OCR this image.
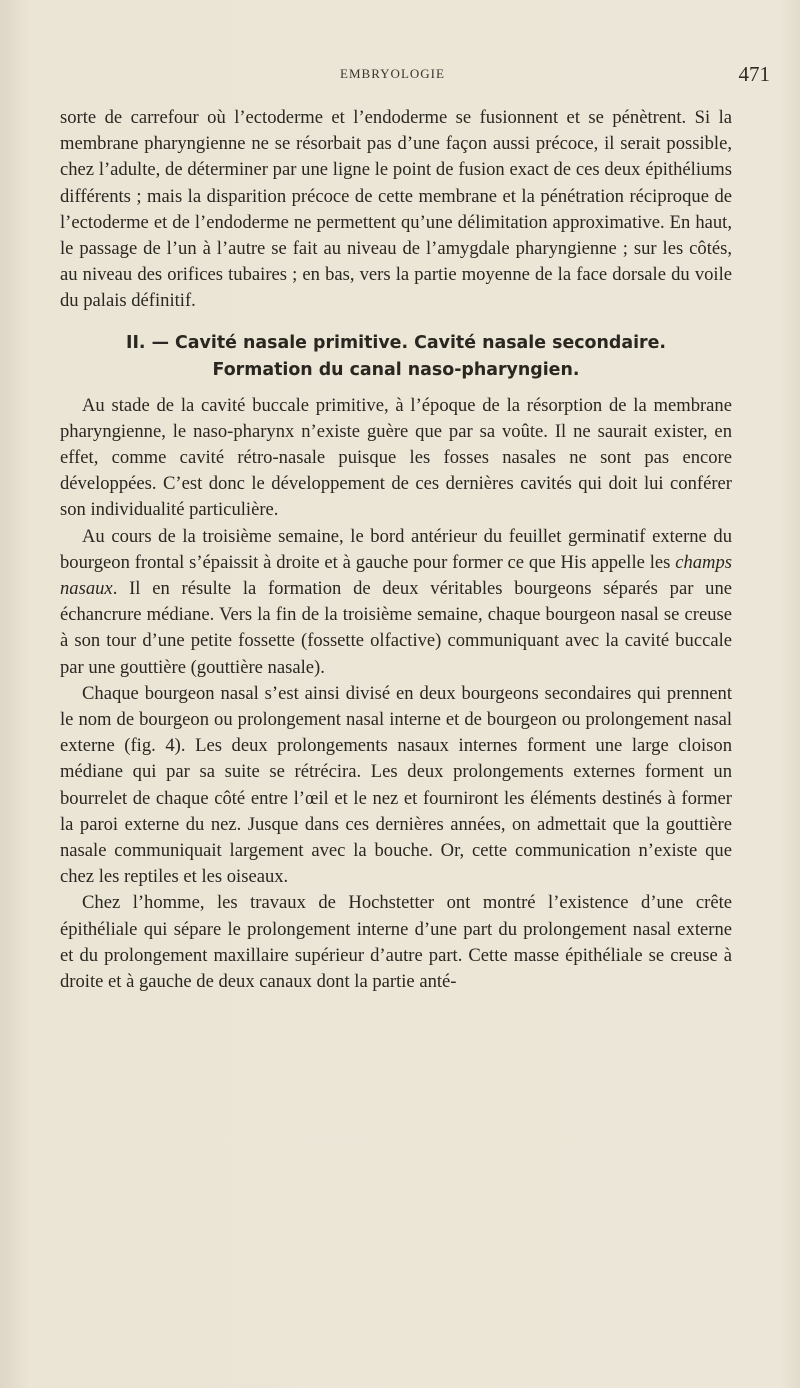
EMBRYOLOGIE	471

sorte de carrefour où l’ectoderme et l’endoderme se fusionnent et se pénètrent. Si la membrane pharyngienne ne se résorbait pas d’une façon aussi précoce, il serait possible, chez l’adulte, de déterminer par une ligne le point de fusion exact de ces deux épithéliums différents ; mais la disparition précoce de cette membrane et la pénétration réciproque de l’ectoderme et de l’endoderme ne permettent qu’une délimitation approximative. En haut, le passage de l’un à l’autre se fait au niveau de l’amygdale pharyngienne ; sur les côtés, au niveau des orifices tubaires ; en bas, vers la partie moyenne de la face dorsale du voile du palais définitif.

II. — Cavité nasale primitive. Cavité nasale secondaire.
Formation du canal naso-pharyngien.

Au stade de la cavité buccale primitive, à l’époque de la résorption de la membrane pharyngienne, le naso-pharynx n’existe guère que par sa voûte. Il ne saurait exister, en effet, comme cavité rétro-nasale puisque les fosses nasales ne sont pas encore développées. C’est donc le développement de ces dernières cavités qui doit lui conférer son individualité particulière.

Au cours de la troisième semaine, le bord antérieur du feuillet germinatif externe du bourgeon frontal s’épaissit à droite et à gauche pour former ce que His appelle les champs nasaux. Il en résulte la formation de deux véritables bourgeons séparés par une échancrure médiane. Vers la fin de la troisième semaine, chaque bourgeon nasal se creuse à son tour d’une petite fossette (fossette olfactive) communiquant avec la cavité buccale par une gouttière (gouttière nasale).

Chaque bourgeon nasal s’est ainsi divisé en deux bourgeons secondaires qui prennent le nom de bourgeon ou prolongement nasal interne et de bourgeon ou prolongement nasal externe (fig. 4). Les deux prolongements nasaux internes forment une large cloison médiane qui par sa suite se rétrécira. Les deux prolongements externes forment un bourrelet de chaque côté entre l’œil et le nez et fourniront les éléments destinés à former la paroi externe du nez. Jusque dans ces dernières années, on admettait que la gouttière nasale communiquait largement avec la bouche. Or, cette communication n’existe que chez les reptiles et les oiseaux.

Chez l’homme, les travaux de Hochstetter ont montré l’existence d’une crête épithéliale qui sépare le prolongement interne d’une part du prolongement nasal externe et du prolongement maxillaire supérieur d’autre part. Cette masse épithéliale se creuse à droite et à gauche de deux canaux dont la partie anté-
